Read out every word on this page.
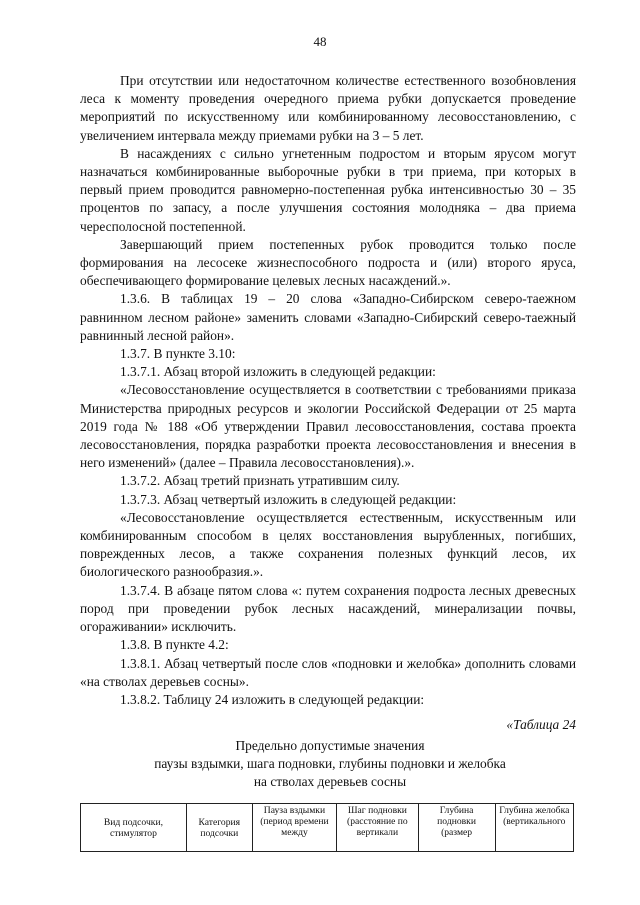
48

При отсутствии или недостаточном количестве естественного возобновления леса к моменту проведения очередного приема рубки допускается проведение мероприятий по искусственному или комбинированному лесовосстановлению, с увеличением интервала между приемами рубки на 3 – 5 лет.

В насаждениях с сильно угнетенным подростом и вторым ярусом могут назначаться комбинированные выборочные рубки в три приема, при которых в первый прием проводится равномерно-постепенная рубка интенсивностью 30 – 35 процентов по запасу, а после улучшения состояния молодняка – два приема чересполосной постепенной.

Завершающий прием постепенных рубок проводится только после формирования на лесосеке жизнеспособного подроста и (или) второго яруса, обеспечивающего формирование целевых лесных насаждений.».

1.3.6. В таблицах 19 – 20 слова «Западно-Сибирском северо-таежном равнинном лесном районе» заменить словами «Западно-Сибирский северо-таежный равнинный лесной район».

1.3.7. В пункте 3.10:

1.3.7.1. Абзац второй изложить в следующей редакции:

«Лесовосстановление осуществляется в соответствии с требованиями приказа Министерства природных ресурсов и экологии Российской Федерации от 25 марта 2019 года № 188 «Об утверждении Правил лесовосстановления, состава проекта лесовосстановления, порядка разработки проекта лесовосстановления и внесения в него изменений» (далее – Правила лесовосстановления).».

1.3.7.2. Абзац третий признать утратившим силу.

1.3.7.3. Абзац четвертый изложить в следующей редакции:

«Лесовосстановление осуществляется естественным, искусственным или комбинированным способом в целях восстановления вырубленных, погибших, поврежденных лесов, а также сохранения полезных функций лесов, их биологического разнообразия.».

1.3.7.4. В абзаце пятом слова «: путем сохранения подроста лесных древесных пород при проведении рубок лесных насаждений, минерализации почвы, огораживании» исключить.

1.3.8. В пункте 4.2:

1.3.8.1. Абзац четвертый после слов «подновки и желобка» дополнить словами «на стволах деревьев сосны».

1.3.8.2. Таблицу 24 изложить в следующей редакции:

«Таблица 24
Предельно допустимые значения
паузы вздымки, шага подновки, глубины подновки и желобка
на стволах деревьев сосны
Вид подсочки, стимулятор	Категория подсочки	Пауза вздымки (период времени между	Шаг подновки (расстояние по вертикали	Глубина подновки (размер	Глубина желобка (вертикального
